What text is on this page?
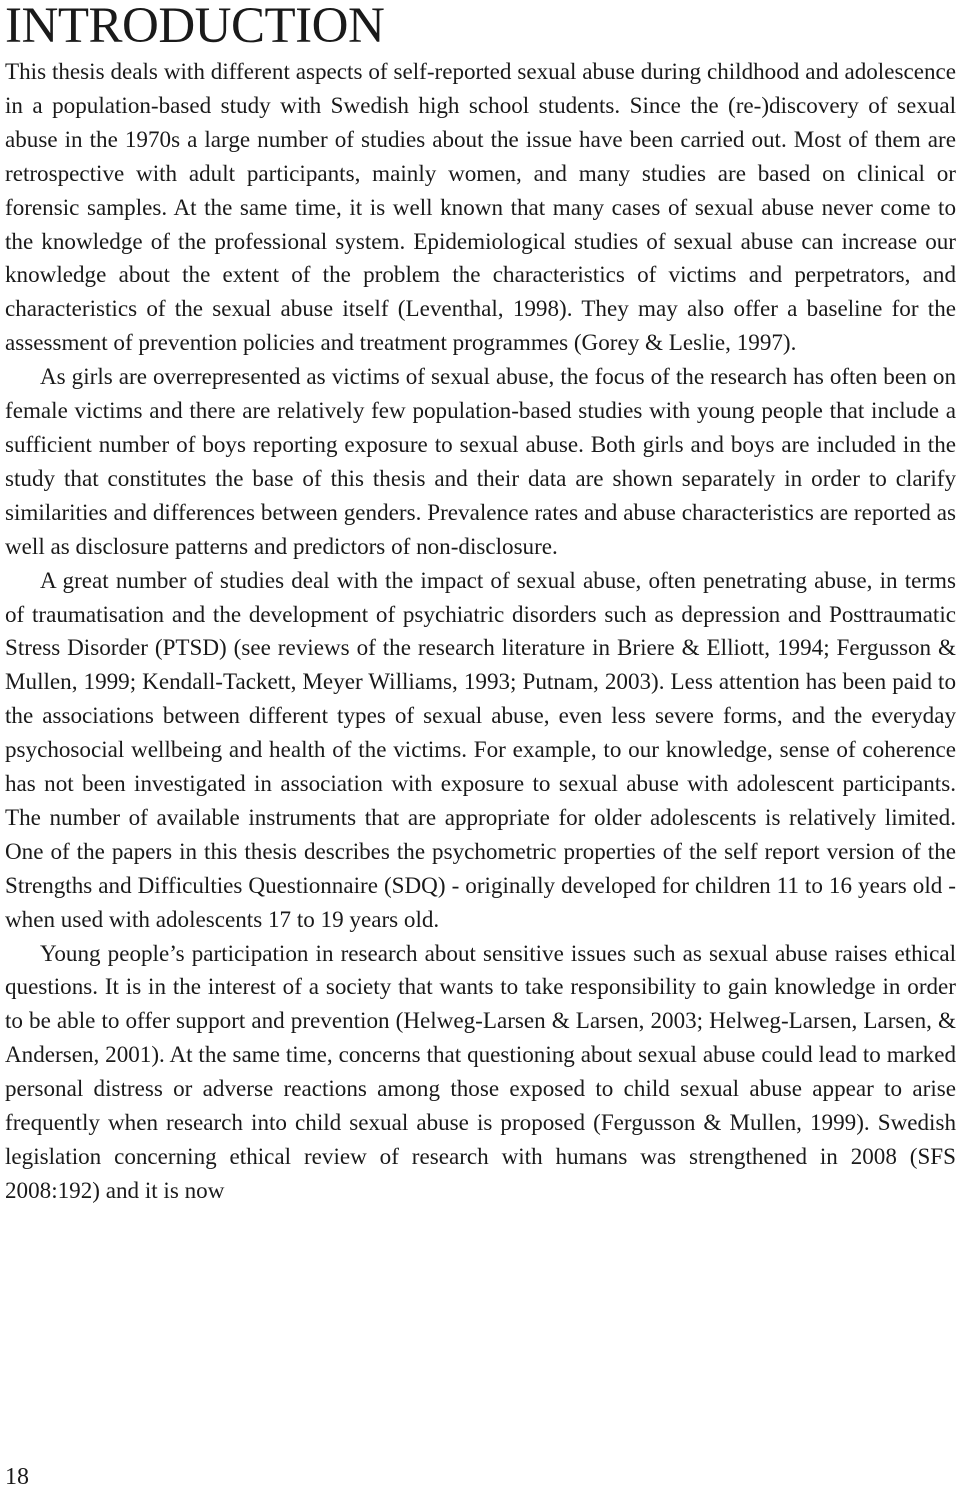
INTRODUCTION

This thesis deals with different aspects of self-reported sexual abuse during childhood and adolescence in a population-based study with Swedish high school students. Since the (re-)discovery of sexual abuse in the 1970s a large number of studies about the issue have been carried out. Most of them are retrospective with adult participants, mainly women, and many studies are based on clinical or forensic samples. At the same time, it is well known that many cases of sexual abuse never come to the knowledge of the professional system. Epidemiological studies of sexual abuse can increase our knowledge about the extent of the problem the characteristics of victims and perpetrators, and characteristics of the sexual abuse itself (Leventhal, 1998). They may also offer a baseline for the assessment of prevention policies and treatment programmes (Gorey & Leslie, 1997).

As girls are overrepresented as victims of sexual abuse, the focus of the research has often been on female victims and there are relatively few population-based studies with young people that include a sufficient number of boys reporting exposure to sexual abuse. Both girls and boys are included in the study that constitutes the base of this thesis and their data are shown separately in order to clarify similarities and differences between genders. Prevalence rates and abuse characteristics are reported as well as disclosure patterns and predictors of non-disclosure.

A great number of studies deal with the impact of sexual abuse, often penetrating abuse, in terms of traumatisation and the development of psychiatric disorders such as depression and Posttraumatic Stress Disorder (PTSD) (see reviews of the research literature in Briere & Elliott, 1994; Fergusson & Mullen, 1999; Kendall-Tackett, Meyer Williams, 1993; Putnam, 2003). Less attention has been paid to the associations between different types of sexual abuse, even less severe forms, and the everyday psychosocial wellbeing and health of the victims. For example, to our knowledge, sense of coherence has not been investigated in association with exposure to sexual abuse with adolescent participants. The number of available instruments that are appropriate for older adolescents is relatively limited. One of the papers in this thesis describes the psychometric properties of the self report version of the Strengths and Difficulties Questionnaire (SDQ) - originally developed for children 11 to 16 years old - when used with adolescents 17 to 19 years old.

Young people’s participation in research about sensitive issues such as sexual abuse raises ethical questions. It is in the interest of a society that wants to take responsibility to gain knowledge in order to be able to offer support and prevention (Helweg-Larsen & Larsen, 2003; Helweg-Larsen, Larsen, & Andersen, 2001). At the same time, concerns that questioning about sexual abuse could lead to marked personal distress or adverse reactions among those exposed to child sexual abuse appear to arise frequently when research into child sexual abuse is proposed (Fergusson & Mullen, 1999). Swedish legislation concerning ethical review of research with humans was strengthened in 2008 (SFS 2008:192) and it is now

18
